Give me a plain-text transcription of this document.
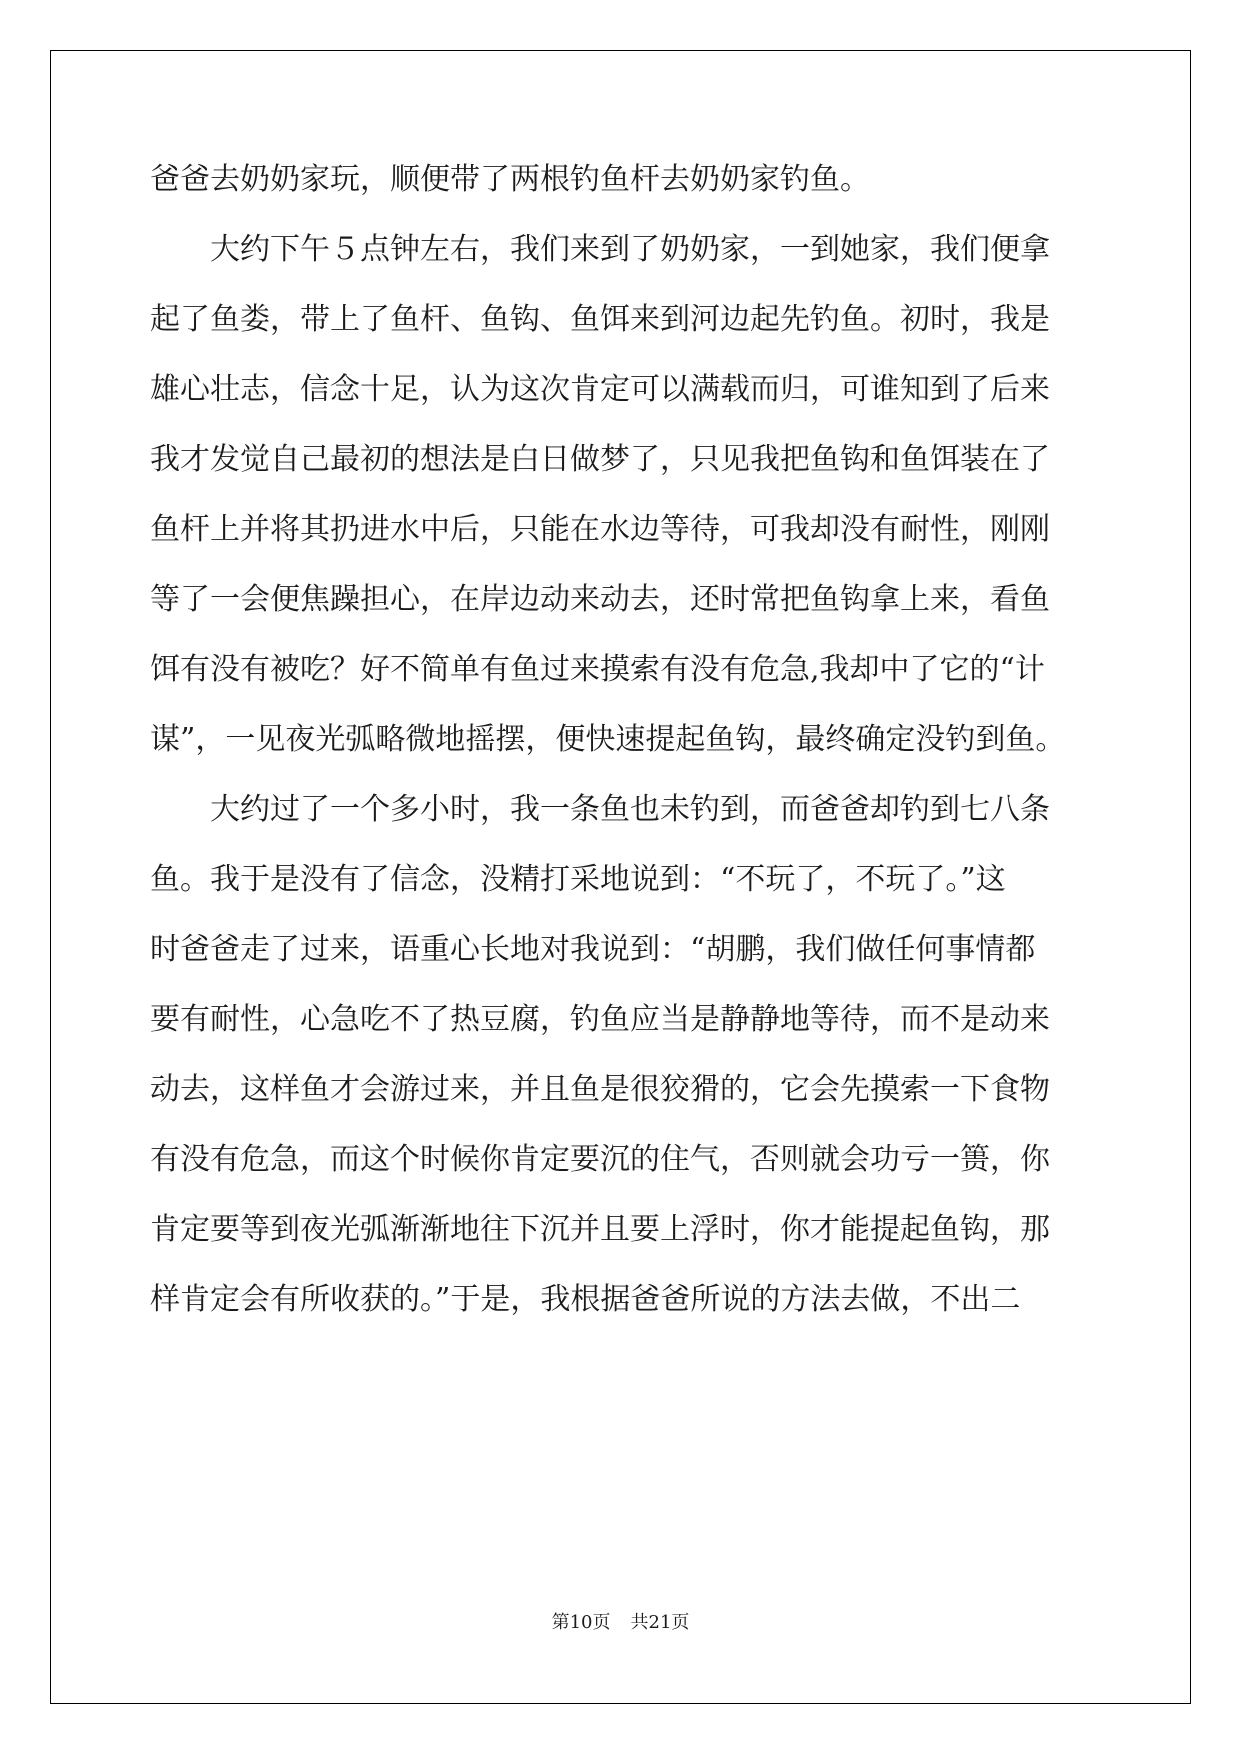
爸爸去奶奶家玩，顺便带了两根钓鱼杆去奶奶家钓鱼。
　　大约下午５点钟左右，我们来到了奶奶家，一到她家，我们便拿
起了鱼娄，带上了鱼杆、鱼钩、鱼饵来到河边起先钓鱼。初时，我是
雄心壮志，信念十足，认为这次肯定可以满载而归，可谁知到了后来
我才发觉自己最初的想法是白日做梦了，只见我把鱼钩和鱼饵装在了
鱼杆上并将其扔进水中后，只能在水边等待，可我却没有耐性，刚刚
等了一会便焦躁担心，在岸边动来动去，还时常把鱼钩拿上来，看鱼
饵有没有被吃？好不简单有鱼过来摸索有没有危急,我却中了它的“计
谋”，一见夜光弧略微地摇摆，便快速提起鱼钩，最终确定没钓到鱼。
　　大约过了一个多小时，我一条鱼也未钓到，而爸爸却钓到七八条
鱼。我于是没有了信念，没精打采地说到：“不玩了，不玩了。”这
时爸爸走了过来，语重心长地对我说到：“胡鹏，我们做任何事情都
要有耐性，心急吃不了热豆腐，钓鱼应当是静静地等待，而不是动来
动去，这样鱼才会游过来，并且鱼是很狡猾的，它会先摸索一下食物
有没有危急，而这个时候你肯定要沉的住气，否则就会功亏一篑，你
肯定要等到夜光弧渐渐地往下沉并且要上浮时，你才能提起鱼钩，那
样肯定会有所收获的。”于是，我根据爸爸所说的方法去做，不出二
第10页 共21页
